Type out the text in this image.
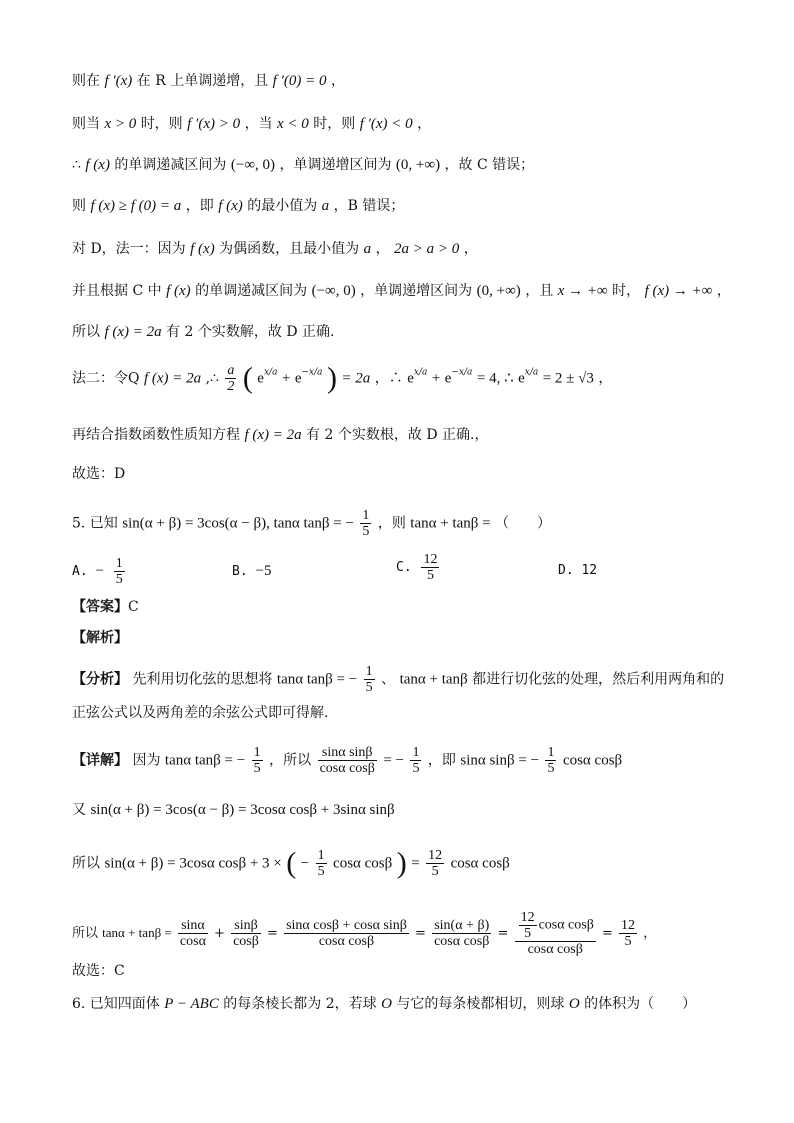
则在 f ′(x) 在 R 上单调递增，且 f ′(0) = 0 ，
则当 x > 0 时，则 f ′(x) > 0 ，当 x < 0 时，则 f ′(x) < 0 ，
∴ f (x) 的单调递减区间为 (−∞, 0) ，单调递增区间为 (0, +∞) ，故 C 错误；
则 f (x) ≥ f (0) = a ，即 f (x) 的最小值为 a ，B 错误；
对 D，法一：因为 f (x) 为偶函数，且最小值为 a ， 2a > a > 0 ，
并且根据 C 中 f (x) 的单调递减区间为 (−∞, 0) ，单调递增区间为 (0, +∞) ，且 x → +∞ 时， f (x) → +∞ ，
所以 f (x) = 2a 有 2 个实数解，故 D 正确.
法二：令Q f (x) = 2a ,∴ $\frac{a}{2}$ ( $e^{x/a} + e^{-x/a}$ ) = 2a ，∴ $e^{x/a} + e^{-x/a} = 4$, ∴ $e^{x/a} = 2 \pm √3$ ，
再结合指数函数性质知方程 f (x) = 2a 有 2 个实数根，故 D 正确.，
故选：D
5. 已知 sin(α + β) = 3cos(α − β), tanα tanβ = − $\frac{1}{5}$ ，则 tanα + tanβ = （　　）
A. − $\frac{1}{5}$	B. −5	C. $\frac{12}{5}$	D. 12
【答案】C
【解析】
【分析】 先利用切化弦的思想将 tanα tanβ = − $\frac{1}{5}$ 、 tanα + tanβ 都进行切化弦的处理，然后利用两角和的
正弦公式以及两角差的余弦公式即可得解.
【详解】 因为 tanα tanβ = − $\frac{1}{5}$ ，所以 $\frac{\text{sinα sinβ}}{\text{cosα cosβ}}$ = − $\frac{1}{5}$ ，即 sinα sinβ = − $\frac{1}{5}$ cosα cosβ
又 sin(α + β) = 3cos(α − β) = 3cosα cosβ + 3sinα sinβ
所以 sin(α + β) = 3cosα cosβ + 3 × ( − $\frac{1}{5}$ cosα cosβ ) = $\frac{12}{5}$ cosα cosβ
所以 $\tan\alpha + \tan\beta = \frac{\sin\alpha}{\cos\alpha} + \frac{\sin\beta}{\cos\beta} = \frac{\text{sinα cosβ + cosα sinβ}}{\text{cosα cosβ}} = \frac{\sin(\alpha + \beta)}{\text{cosα cosβ}} = \frac{\frac{12}{5} \cos\alpha \cos\beta}{\text{cosα cosβ}} = \frac{12}{5}$ ，
故选：C
6. 已知四面体 P − ABC 的每条棱长都为 2，若球 O 与它的每条棱都相切，则球 O 的体积为（　　）
